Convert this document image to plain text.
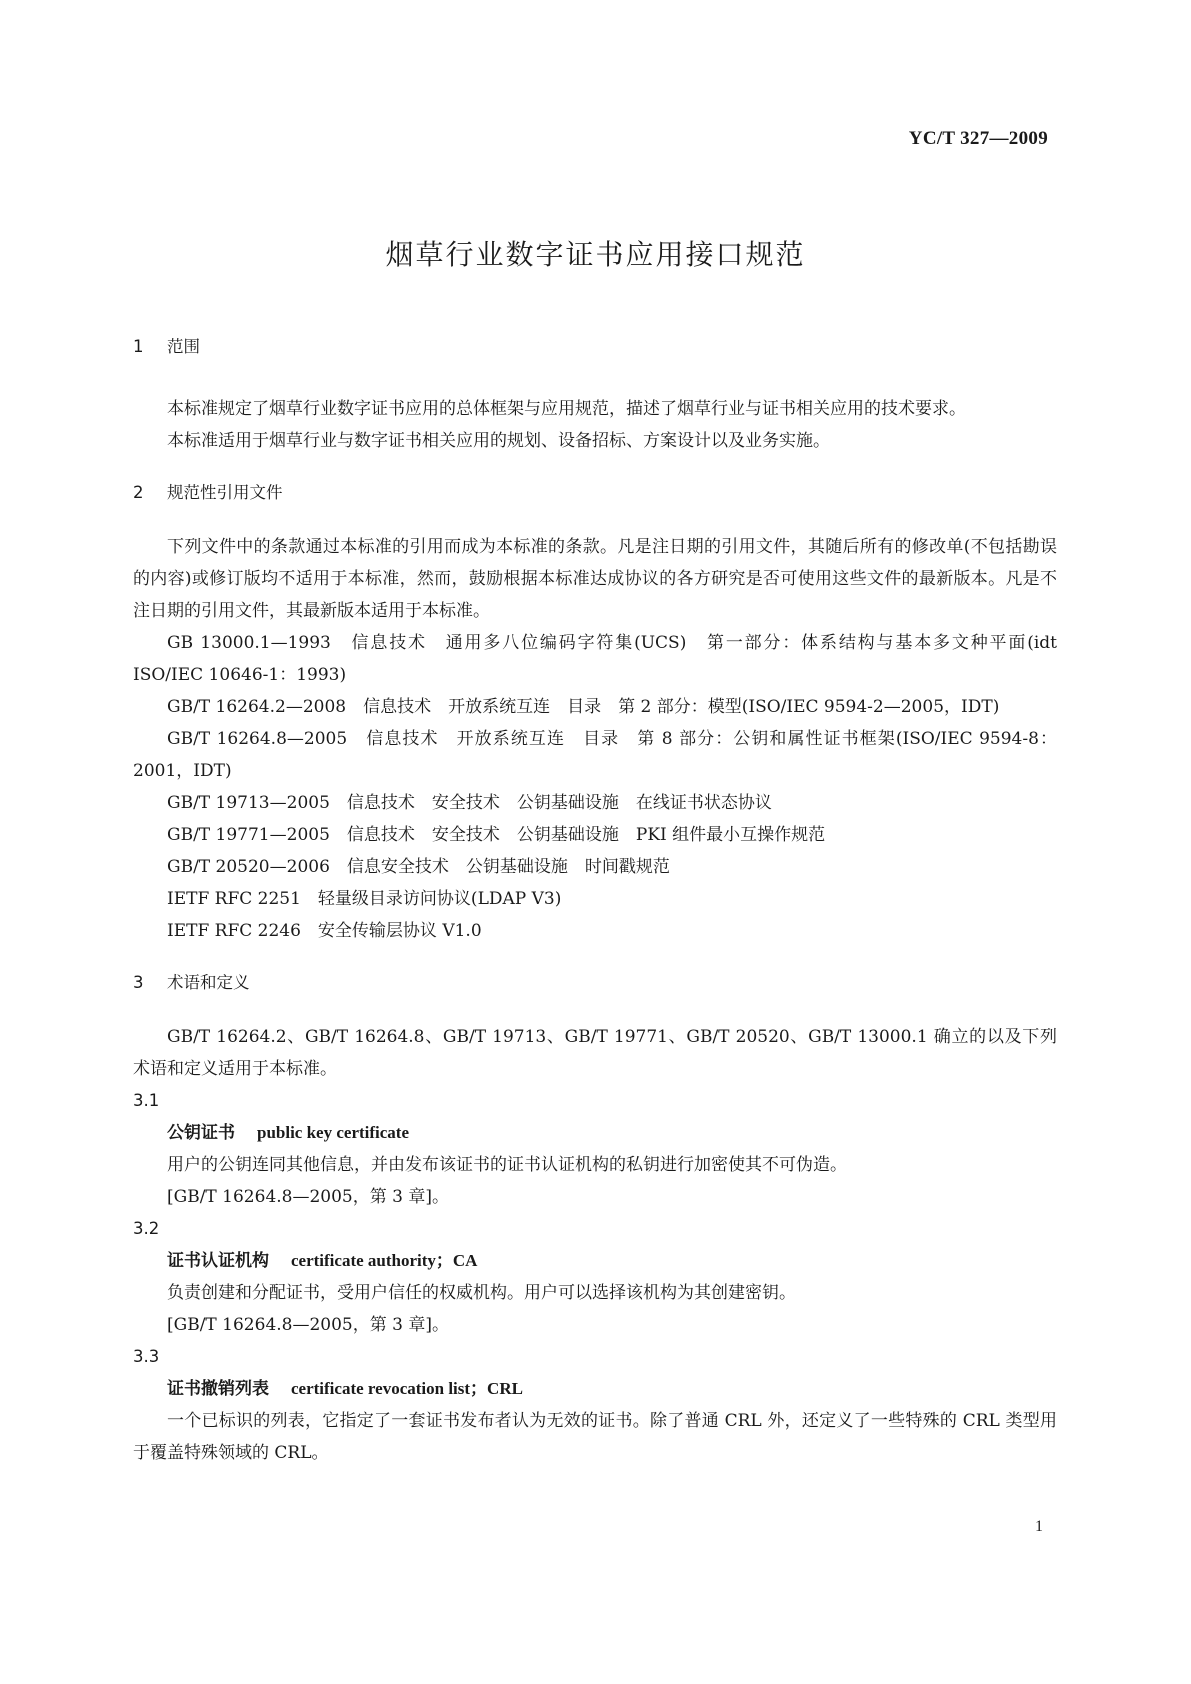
YC/T 327—2009
烟草行业数字证书应用接口规范
1	范围

本标准规定了烟草行业数字证书应用的总体框架与应用规范，描述了烟草行业与证书相关应用的技术要求。

本标准适用于烟草行业与数字证书相关应用的规划、设备招标、方案设计以及业务实施。

2	规范性引用文件

下列文件中的条款通过本标准的引用而成为本标准的条款。凡是注日期的引用文件，其随后所有的修改单(不包括勘误的内容)或修订版均不适用于本标准，然而，鼓励根据本标准达成协议的各方研究是否可使用这些文件的最新版本。凡是不注日期的引用文件，其最新版本适用于本标准。

GB 13000.1—1993　信息技术　通用多八位编码字符集(UCS)　第一部分：体系结构与基本多文种平面(idt ISO/IEC 10646-1：1993)
GB/T 16264.2—2008　信息技术　开放系统互连　目录　第 2 部分：模型(ISO/IEC 9594-2—2005，IDT)
GB/T 16264.8—2005　信息技术　开放系统互连　目录　第 8 部分：公钥和属性证书框架(ISO/IEC 9594-8：2001，IDT)
GB/T 19713—2005　信息技术　安全技术　公钥基础设施　在线证书状态协议
GB/T 19771—2005　信息技术　安全技术　公钥基础设施　PKI 组件最小互操作规范
GB/T 20520—2006　信息安全技术　公钥基础设施　时间戳规范
IETF RFC 2251　轻量级目录访问协议(LDAP V3)
IETF RFC 2246　安全传输层协议 V1.0
3	术语和定义

GB/T 16264.2、GB/T 16264.8、GB/T 19713、GB/T 19771、GB/T 20520、GB/T 13000.1 确立的以及下列术语和定义适用于本标准。

3.1
公钥证书 public key certificate

用户的公钥连同其他信息，并由发布该证书的证书认证机构的私钥进行加密使其不可伪造。

[GB/T 16264.8—2005，第 3 章]。
3.2
证书认证机构 certificate authority；CA

负责创建和分配证书，受用户信任的权威机构。用户可以选择该机构为其创建密钥。

[GB/T 16264.8—2005，第 3 章]。
3.3
证书撤销列表 certificate revocation list；CRL

一个已标识的列表，它指定了一套证书发布者认为无效的证书。除了普通 CRL 外，还定义了一些特殊的 CRL 类型用于覆盖特殊领域的 CRL。

1
